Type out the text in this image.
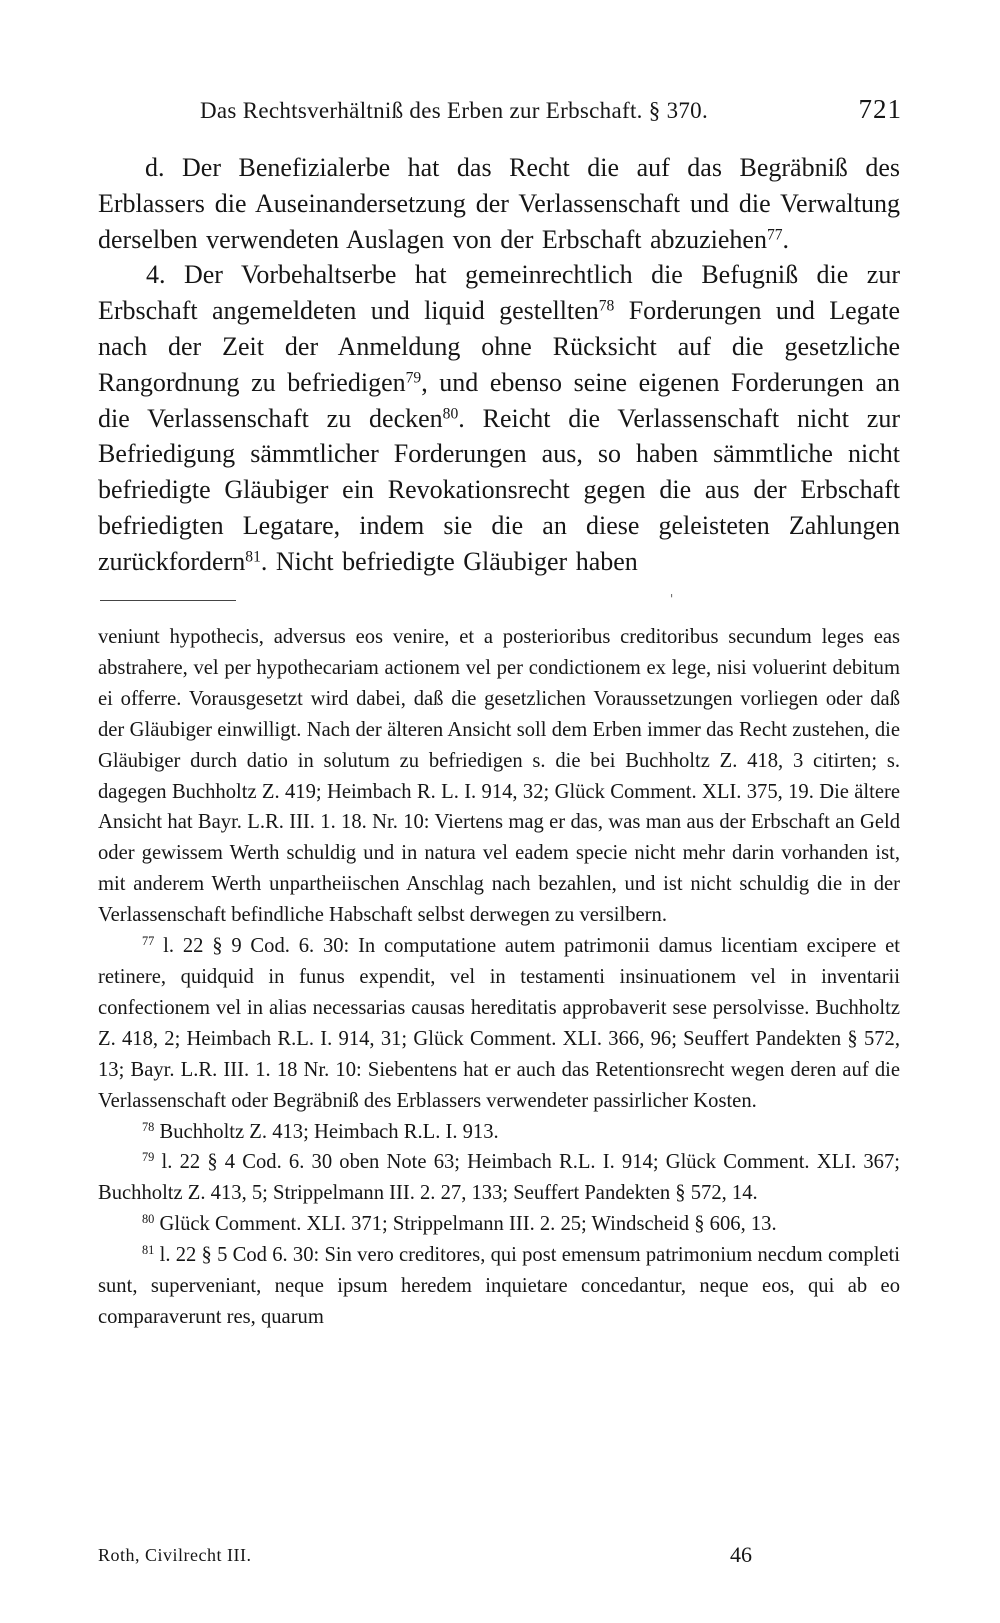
Das Rechtsverhältniß des Erben zur Erbschaft. § 370.	721

d. Der Benefizialerbe hat das Recht die auf das Begräbniß des Erblassers die Auseinandersetzung der Verlassenschaft und die Verwaltung derselben verwendeten Auslagen von der Erbschaft abzuziehen$^{77}$.

4. Der Vorbehaltserbe hat gemeinrechtlich die Befugniß die zur Erbschaft angemeldeten und liquid gestellten$^{78}$ Forderungen und Legate nach der Zeit der Anmeldung ohne Rücksicht auf die gesetzliche Rangordnung zu befriedigen$^{79}$, und ebenso seine eigenen Forderungen an die Verlassenschaft zu decken$^{80}$. Reicht die Verlassenschaft nicht zur Befriedigung sämmtlicher Forderungen aus, so haben sämmtliche nicht befriedigte Gläubiger ein Revokationsrecht gegen die aus der Erbschaft befriedigten Legatare, indem sie die an diese geleisteten Zahlungen zurückfordern$^{81}$. Nicht befriedigte Gläubiger haben

'

veniunt hypothecis, adversus eos venire, et a posterioribus creditoribus secundum leges eas abstrahere, vel per hypothecariam actionem vel per condictionem ex lege, nisi voluerint debitum ei offerre. Vorausgesetzt wird dabei, daß die gesetzlichen Voraussetzungen vorliegen oder daß der Gläubiger einwilligt. Nach der älteren Ansicht soll dem Erben immer das Recht zustehen, die Gläubiger durch datio in solutum zu befriedigen s. die bei Buchholtz Z. 418, 3 citirten; s. dagegen Buchholtz Z. 419; Heimbach R. L. I. 914, 32; Glück Comment. XLI. 375, 19. Die ältere Ansicht hat Bayr. L.R. III. 1. 18. Nr. 10: Viertens mag er das, was man aus der Erbschaft an Geld oder gewissem Werth schuldig und in natura vel eadem specie nicht mehr darin vorhanden ist, mit anderem Werth unpartheiischen Anschlag nach bezahlen, und ist nicht schuldig die in der Verlassenschaft befindliche Habschaft selbst derwegen zu versilbern.

$^{77}$ l. 22 § 9 Cod. 6. 30: In computatione autem patrimonii damus licentiam excipere et retinere, quidquid in funus expendit, vel in testamenti insinuationem vel in inventarii confectionem vel in alias necessarias causas hereditatis approbaverit sese persolvisse. Buchholtz Z. 418, 2; Heimbach R.L. I. 914, 31; Glück Comment. XLI. 366, 96; Seuffert Pandekten § 572, 13; Bayr. L.R. III. 1. 18 Nr. 10: Siebentens hat er auch das Retentionsrecht wegen deren auf die Verlassenschaft oder Begräbniß des Erblassers verwendeter passirlicher Kosten.

$^{78}$ Buchholtz Z. 413; Heimbach R.L. I. 913.

$^{79}$ l. 22 § 4 Cod. 6. 30 oben Note 63; Heimbach R.L. I. 914; Glück Comment. XLI. 367; Buchholtz Z. 413, 5; Strippelmann III. 2. 27, 133; Seuffert Pandekten § 572, 14.

$^{80}$ Glück Comment. XLI. 371; Strippelmann III. 2. 25; Windscheid § 606, 13.

$^{81}$ l. 22 § 5 Cod 6. 30: Sin vero creditores, qui post emensum patrimonium necdum completi sunt, superveniant, neque ipsum heredem inquietare concedantur, neque eos, qui ab eo comparaverunt res, quarum

Roth, Civilrecht III.	46
